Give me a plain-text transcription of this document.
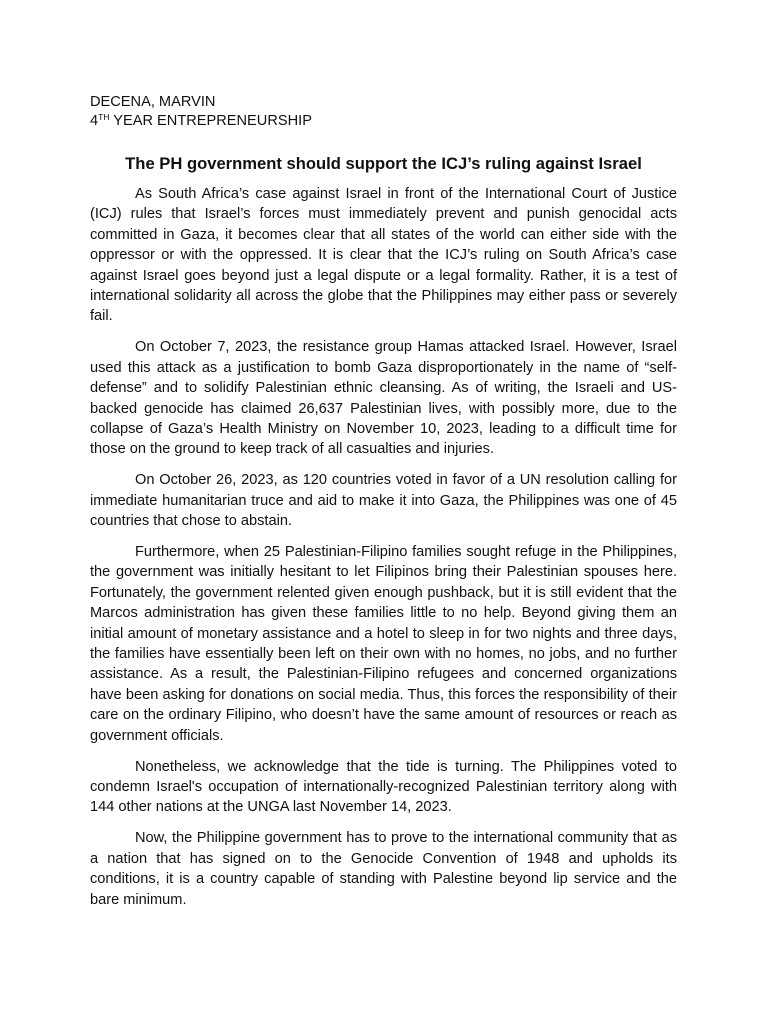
DECENA, MARVIN

4TH YEAR ENTREPRENEURSHIP

The PH government should support the ICJ’s ruling against Israel

As South Africa’s case against Israel in front of the International Court of Justice (ICJ) rules that Israel’s forces must immediately prevent and punish genocidal acts committed in Gaza, it becomes clear that all states of the world can either side with the oppressor or with the oppressed. It is clear that the ICJ’s ruling on South Africa’s case against Israel goes beyond just a legal dispute or a legal formality. Rather, it is a test of international solidarity all across the globe that the Philippines may either pass or severely fail.

On October 7, 2023, the resistance group Hamas attacked Israel. However, Israel used this attack as a justification to bomb Gaza disproportionately in the name of “self-defense” and to solidify Palestinian ethnic cleansing. As of writing, the Israeli and US-backed genocide has claimed 26,637 Palestinian lives, with possibly more, due to the collapse of Gaza’s Health Ministry on November 10, 2023, leading to a difficult time for those on the ground to keep track of all casualties and injuries.

On October 26, 2023, as 120 countries voted in favor of a UN resolution calling for immediate humanitarian truce and aid to make it into Gaza, the Philippines was one of 45 countries that chose to abstain.

Furthermore, when 25 Palestinian-Filipino families sought refuge in the Philippines, the government was initially hesitant to let Filipinos bring their Palestinian spouses here. Fortunately, the government relented given enough pushback, but it is still evident that the Marcos administration has given these families little to no help. Beyond giving them an initial amount of monetary assistance and a hotel to sleep in for two nights and three days, the families have essentially been left on their own with no homes, no jobs, and no further assistance. As a result, the Palestinian-Filipino refugees and concerned organizations have been asking for donations on social media. Thus, this forces the responsibility of their care on the ordinary Filipino, who doesn’t have the same amount of resources or reach as government officials.

Nonetheless, we acknowledge that the tide is turning. The Philippines voted to condemn Israel's occupation of internationally-recognized Palestinian territory along with 144 other nations at the UNGA last November 14, 2023.

Now, the Philippine government has to prove to the international community that as a nation that has signed on to the Genocide Convention of 1948 and upholds its conditions, it is a country capable of standing with Palestine beyond lip service and the bare minimum.
